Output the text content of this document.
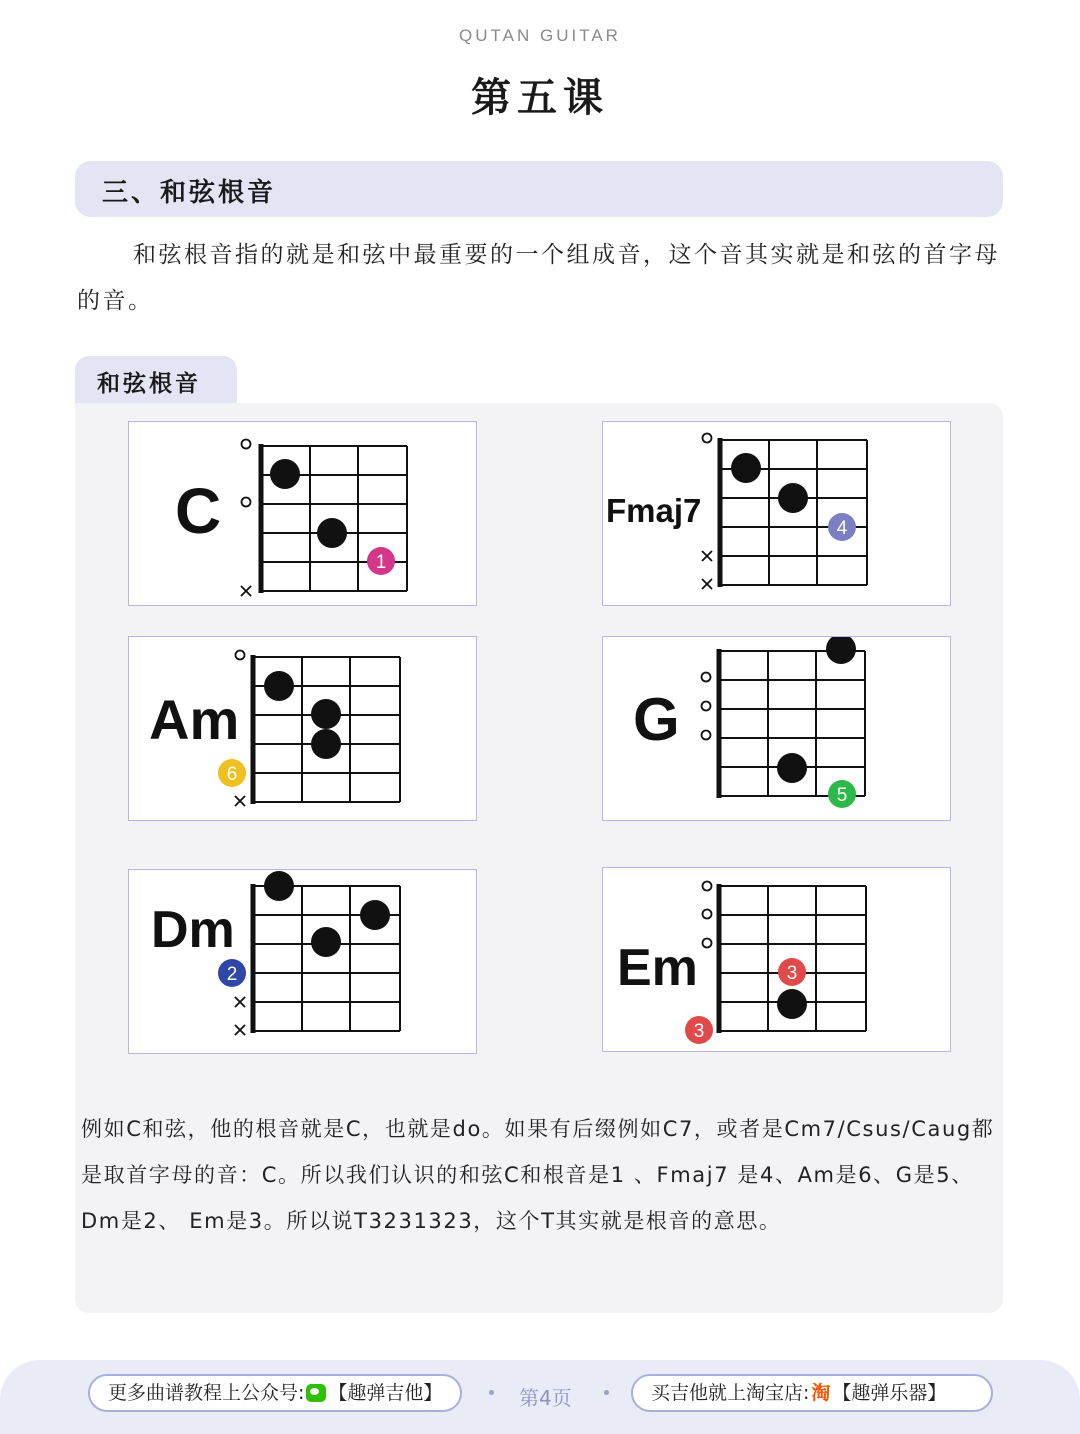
QUTAN GUITAR
第五课
三、和弦根音
和弦根音指的就是和弦中最重要的一个组成音，这个音其实就是和弦的首字母的音。
和弦根音
C
1
Fmaj7	4
Am
6
G
5
Dm
2	Em	3
3
例如C和弦，他的根音就是C，也就是do。如果有后缀例如C7，或者是Cm7/Csus/Caug都是取首字母的音：C。所以我们认识的和弦C和根音是1 、Fmaj7 是4、Am是6、G是5、Dm是2、 Em是3。所以说T3231323，这个T其实就是根音的意思。
更多曲谱教程上公众号: 【趣弹吉他】	第4页	买吉他就上淘宝店: 淘 【趣弹乐器】
